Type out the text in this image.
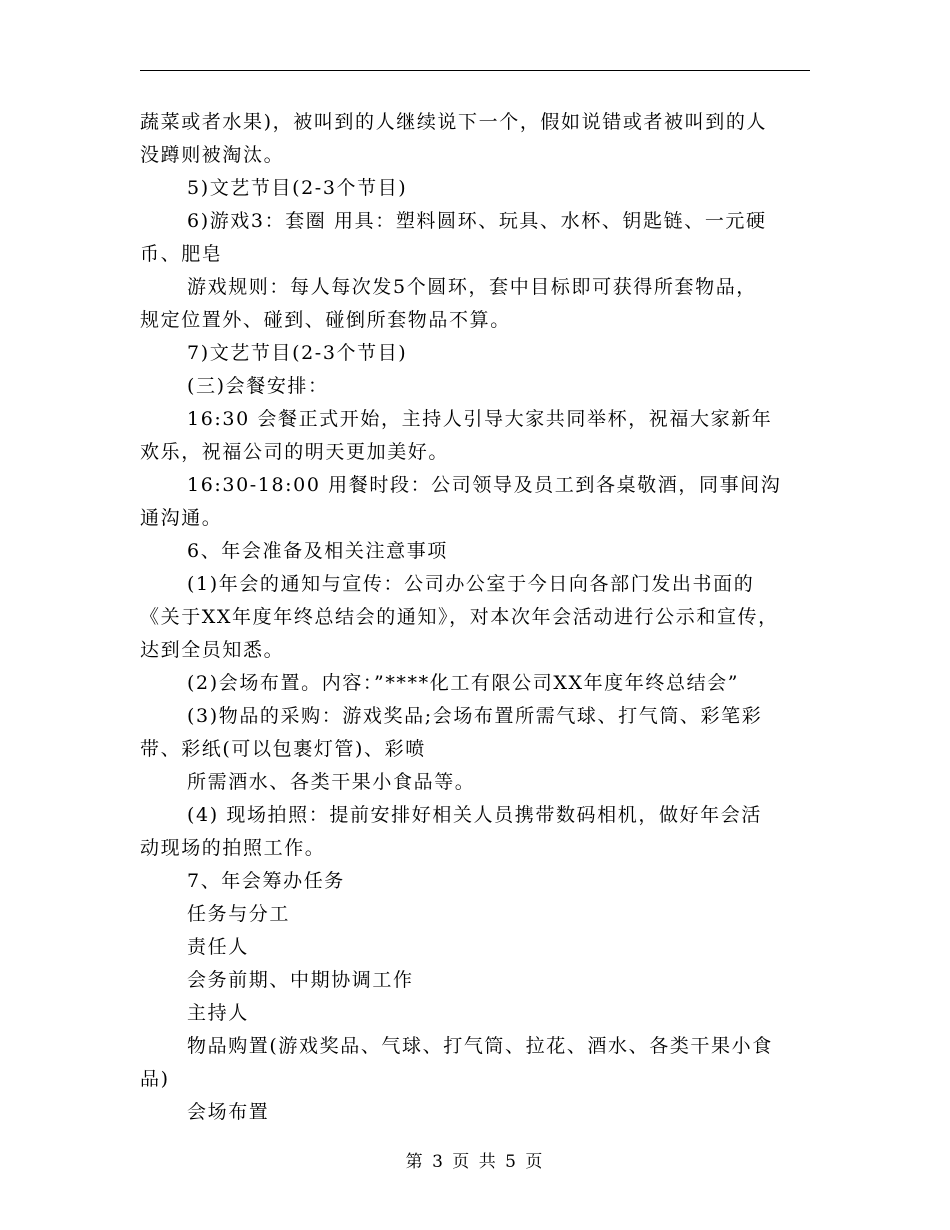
蔬菜或者水果)，被叫到的人继续说下一个，假如说错或者被叫到的人
没蹲则被淘汰。
5)文艺节目(2-3个节目)
6)游戏3：套圈 用具：塑料圆环、玩具、水杯、钥匙链、一元硬
币、肥皂
游戏规则：每人每次发5个圆环，套中目标即可获得所套物品，
规定位置外、碰到、碰倒所套物品不算。
7)文艺节目(2-3个节目)
(三)会餐安排：
16:30 会餐正式开始，主持人引导大家共同举杯，祝福大家新年
欢乐，祝福公司的明天更加美好。
16:30-18:00 用餐时段：公司领导及员工到各桌敬酒，同事间沟
通沟通。
6、年会准备及相关注意事项
(1)年会的通知与宣传：公司办公室于今日向各部门发出书面的
《关于XX年度年终总结会的通知》，对本次年会活动进行公示和宣传，
达到全员知悉。
(2)会场布置。内容：”****化工有限公司XX年度年终总结会”
(3)物品的采购：游戏奖品;会场布置所需气球、打气筒、彩笔彩
带、彩纸(可以包裹灯管)、彩喷
所需酒水、各类干果小食品等。
(4) 现场拍照：提前安排好相关人员携带数码相机，做好年会活
动现场的拍照工作。
7、年会筹办任务
任务与分工
责任人
会务前期、中期协调工作
主持人
物品购置(游戏奖品、气球、打气筒、拉花、酒水、各类干果小食
品)
会场布置
第 3 页 共 5 页
